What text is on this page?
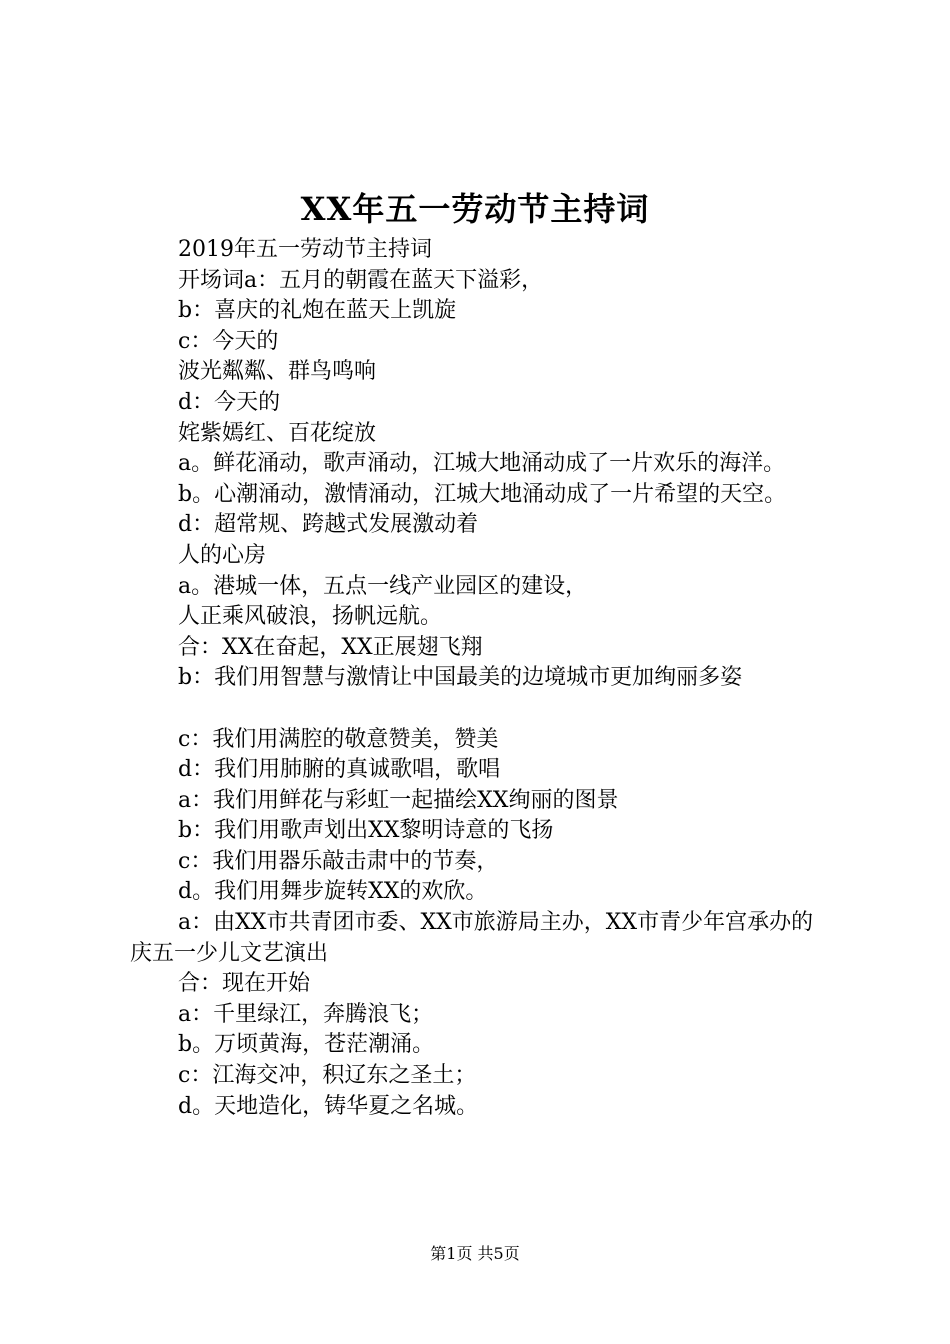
XX年五一劳动节主持词

2019年五一劳动节主持词

开场词a：五月的朝霞在蓝天下溢彩，

b：喜庆的礼炮在蓝天上凯旋

c：今天的

波光粼粼、群鸟鸣响

d：今天的

姹紫嫣红、百花绽放

a。鲜花涌动，歌声涌动，江城大地涌动成了一片欢乐的海洋。

b。心潮涌动，激情涌动，江城大地涌动成了一片希望的天空。

d：超常规、跨越式发展激动着

人的心房

a。港城一体，五点一线产业园区的建设，

人正乘风破浪，扬帆远航。

合：XX在奋起，XX正展翅飞翔

b：我们用智慧与激情让中国最美的边境城市更加绚丽多姿

c：我们用满腔的敬意赞美，赞美

d：我们用肺腑的真诚歌唱，歌唱

a：我们用鲜花与彩虹一起描绘XX绚丽的图景

b：我们用歌声划出XX黎明诗意的飞扬

c：我们用器乐敲击肃中的节奏，

d。我们用舞步旋转XX的欢欣。

a：由XX市共青团市委、XX市旅游局主办，XX市青少年宫承办的庆五一少儿文艺演出

合：现在开始

a：千里绿江，奔腾浪飞；

b。万顷黄海，苍茫潮涌。

c：江海交冲，积辽东之圣土；

d。天地造化，铸华夏之名城。

第1页 共5页
